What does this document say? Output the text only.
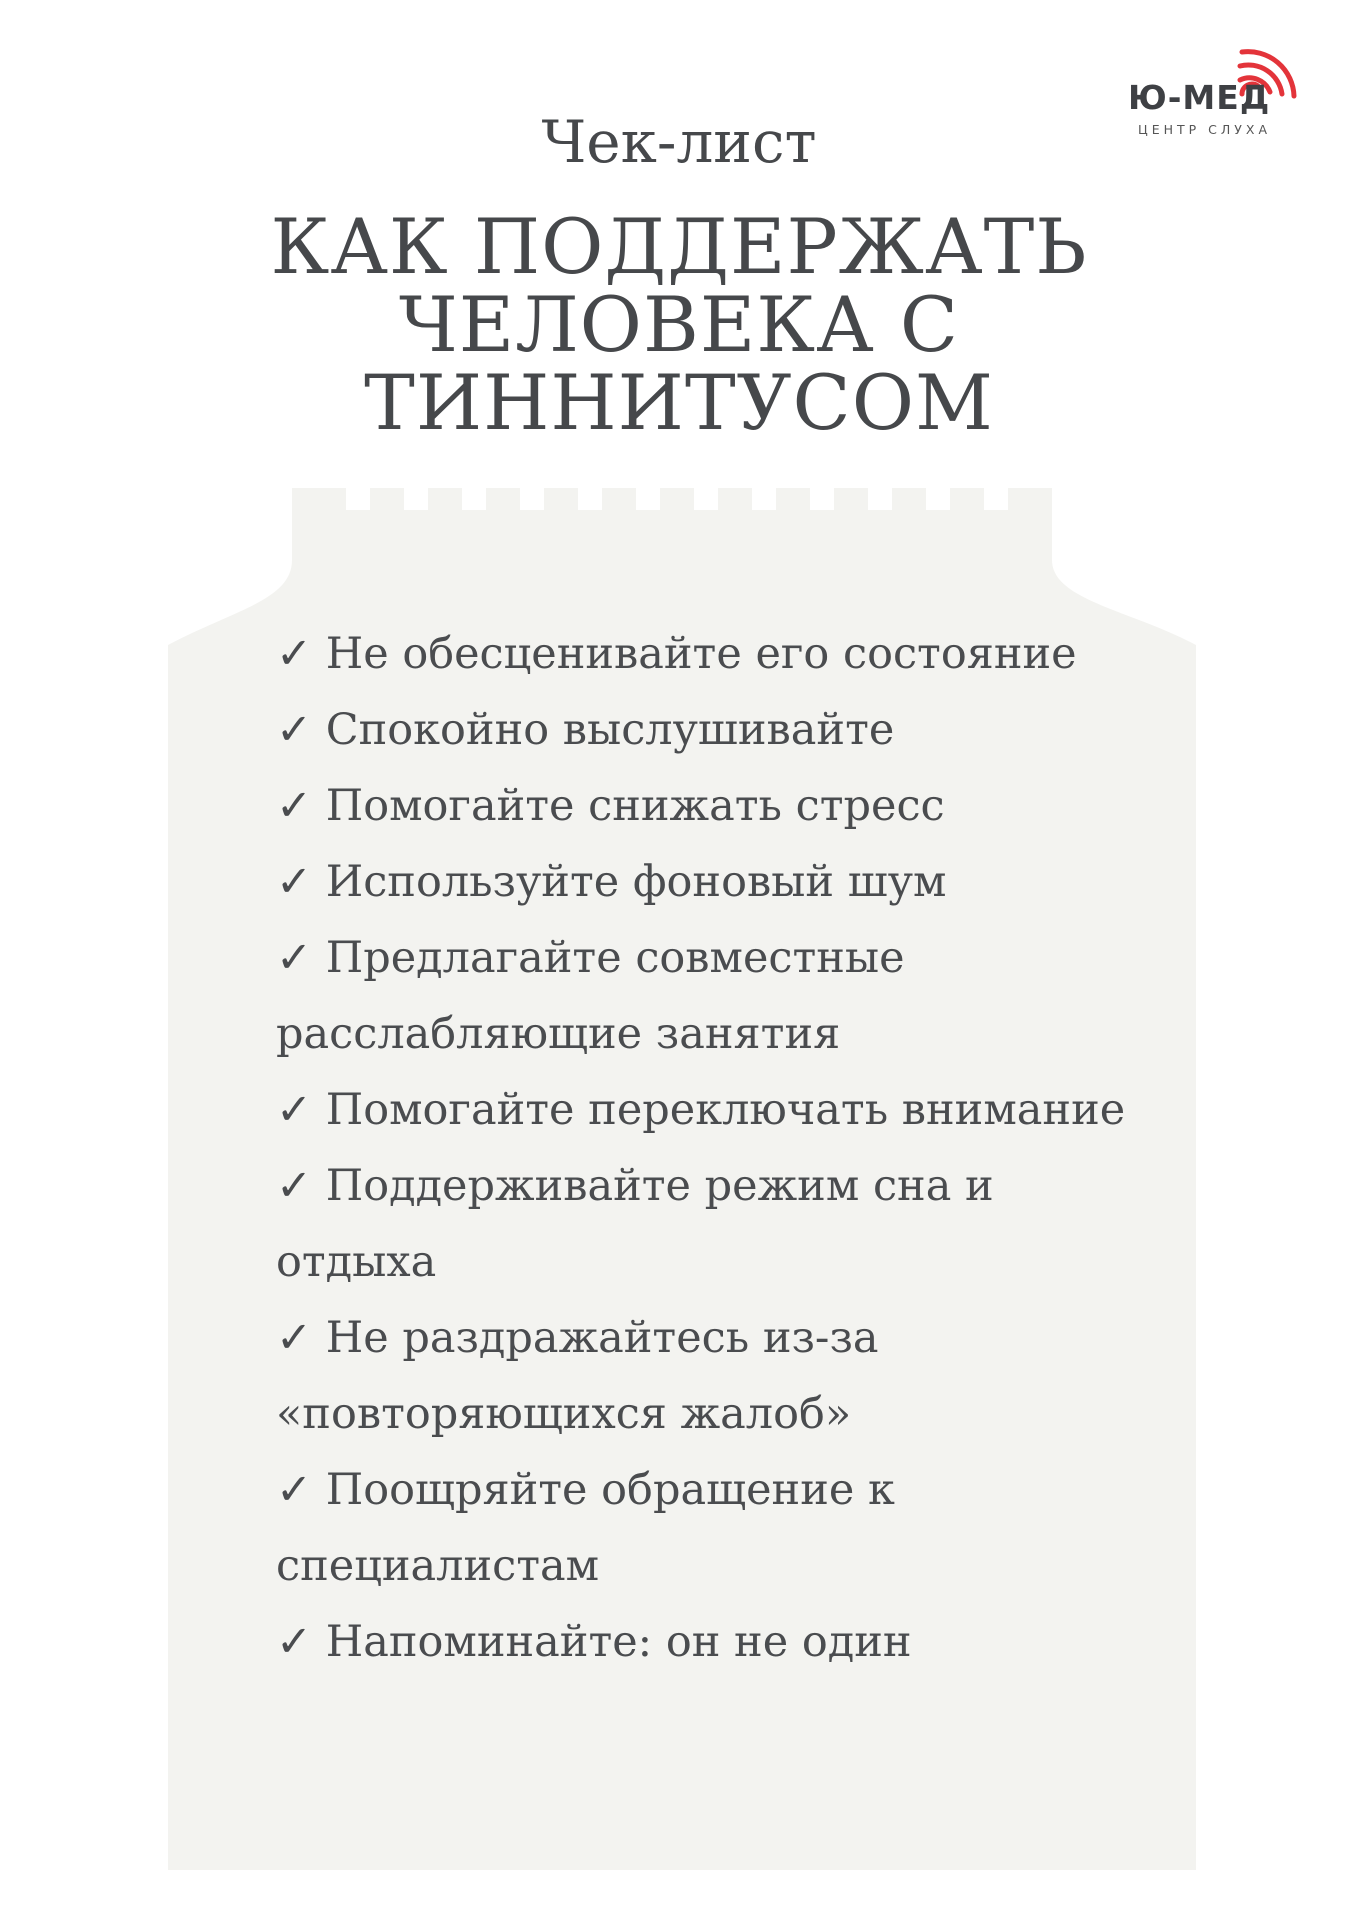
Ю-МЕД
ЦЕНТР СЛУХА
Чек-лист
КАК ПОДДЕРЖАТЬ
ЧЕЛОВЕКА С
ТИННИТУСОМ

✓ Не обесценивайте его состояние

✓ Спокойно выслушивайте

✓ Помогайте снижать стресс

✓ Используйте фоновый шум

✓ Предлагайте совместные расслабляющие занятия

✓ Помогайте переключать внимание

✓ Поддерживайте режим сна и отдыха

✓ Не раздражайтесь из-за «повторяющихся жалоб»

✓ Поощряйте обращение к специалистам

✓ Напоминайте: он не один
